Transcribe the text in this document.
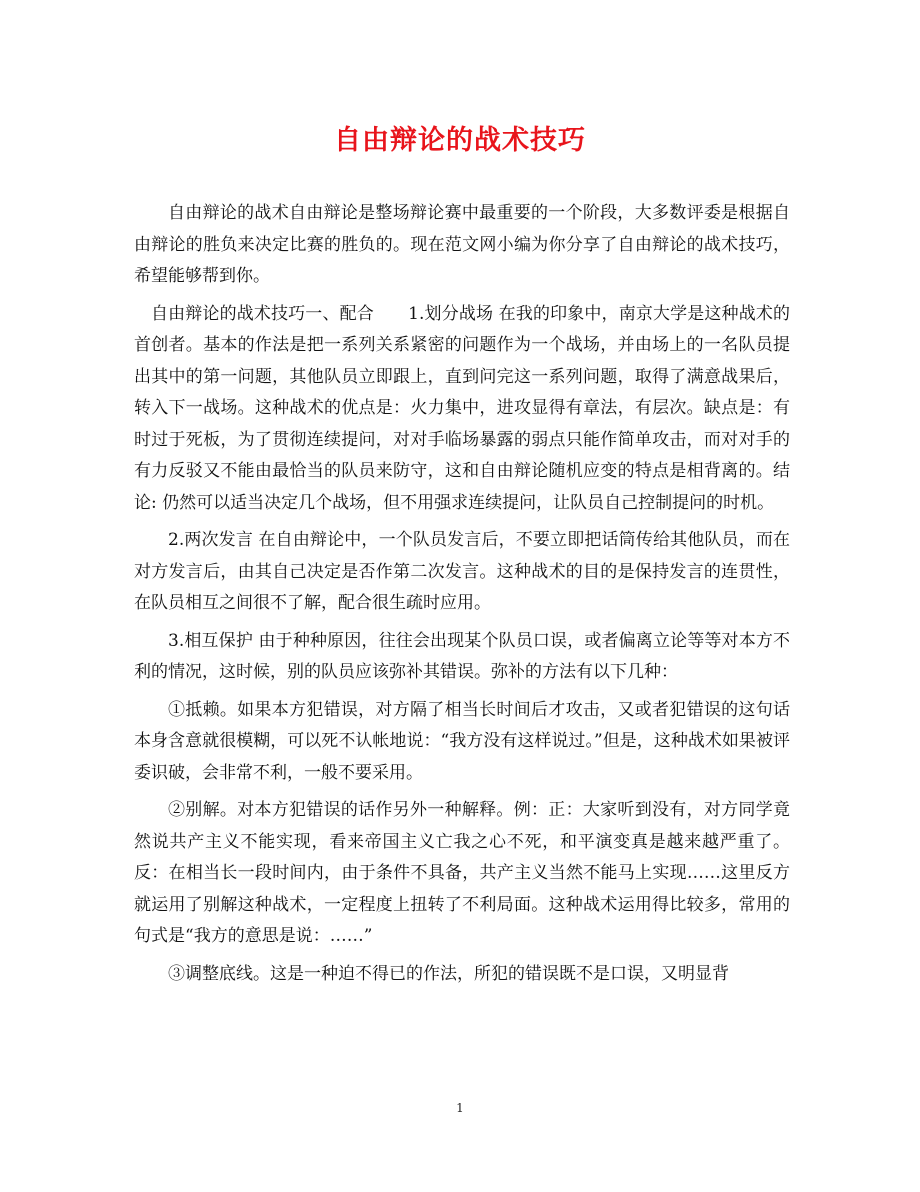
自由辩论的战术技巧

自由辩论的战术自由辩论是整场辩论赛中最重要的一个阶段，大多数评委是根据自由辩论的胜负来决定比赛的胜负的。现在范文网小编为你分享了自由辩论的战术技巧，希望能够帮到你。

自由辩论的战术技巧一、配合　　1.划分战场 在我的印象中，南京大学是这种战术的首创者。基本的作法是把一系列关系紧密的问题作为一个战场，并由场上的一名队员提出其中的第一问题，其他队员立即跟上，直到问完这一系列问题，取得了满意战果后，转入下一战场。这种战术的优点是：火力集中，进攻显得有章法，有层次。缺点是：有时过于死板，为了贯彻连续提问，对对手临场暴露的弱点只能作简单攻击，而对对手的有力反驳又不能由最恰当的队员来防守，这和自由辩论随机应变的特点是相背离的。结论: 仍然可以适当决定几个战场，但不用强求连续提问，让队员自己控制提问的时机。

2.两次发言 在自由辩论中，一个队员发言后，不要立即把话筒传给其他队员，而在对方发言后，由其自己决定是否作第二次发言。这种战术的目的是保持发言的连贯性，在队员相互之间很不了解，配合很生疏时应用。

3.相互保护 由于种种原因，往往会出现某个队员口误，或者偏离立论等等对本方不利的情况，这时候，别的队员应该弥补其错误。弥补的方法有以下几种：

①抵赖。如果本方犯错误，对方隔了相当长时间后才攻击，又或者犯错误的这句话本身含意就很模糊，可以死不认帐地说：“我方没有这样说过。”但是，这种战术如果被评委识破，会非常不利，一般不要采用。

②别解。对本方犯错误的话作另外一种解释。例：正：大家听到没有，对方同学竟然说共产主义不能实现，看来帝国主义亡我之心不死，和平演变真是越来越严重了。反：在相当长一段时间内，由于条件不具备，共产主义当然不能马上实现……这里反方就运用了别解这种战术，一定程度上扭转了不利局面。这种战术运用得比较多，常用的句式是“我方的意思是说：……”

③调整底线。这是一种迫不得已的作法，所犯的错误既不是口误，又明显背

1
